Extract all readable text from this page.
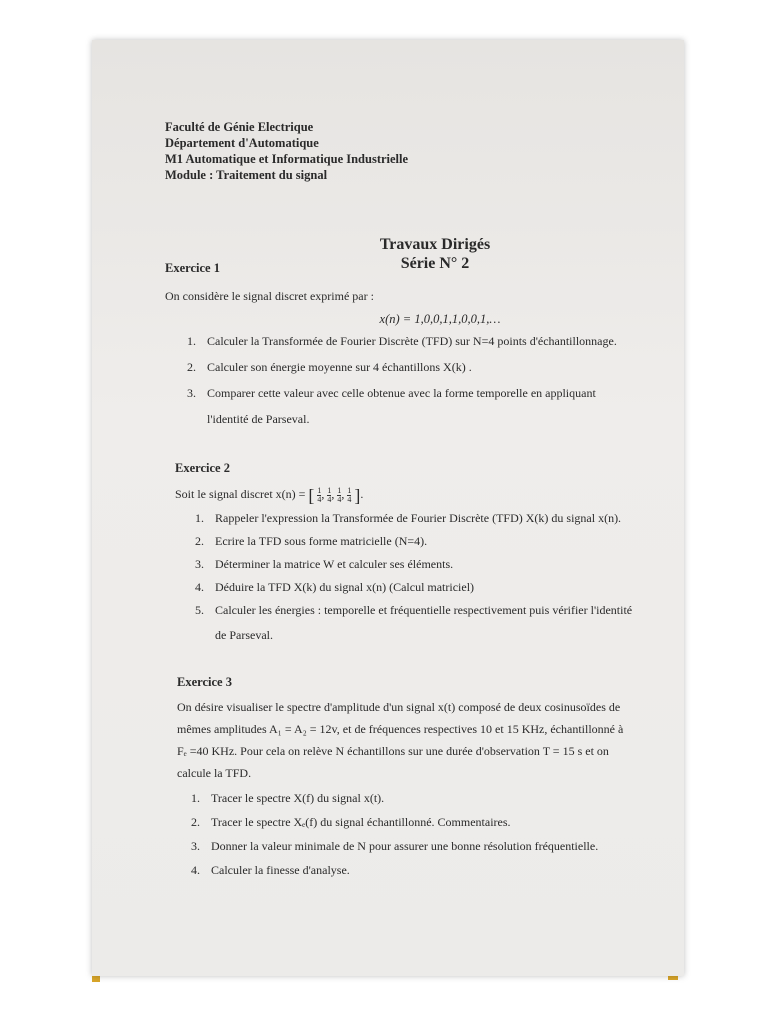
Faculté de Génie Electrique
Département d'Automatique
M1 Automatique et Informatique Industrielle
Module : Traitement du signal
Travaux Dirigés
Série N° 2
Exercice 1
On considère le signal discret exprimé par :
x(n) = 1,0,0,1,1,0,0,1,…
1. Calculer la Transformée de Fourier Discrète (TFD) sur N=4 points d'échantillonnage.
2. Calculer son énergie moyenne sur 4 échantillons X(k) .
3. Comparer cette valeur avec celle obtenue avec la forme temporelle en appliquant
l'identité de Parseval.
Exercice 2
Soit le signal discret x(n) = [ $\frac{1}{4}$ , $\frac{1}{4}$ , $\frac{1}{4}$ , $\frac{1}{4}$ ].
1. Rappeler l'expression la Transformée de Fourier Discrète (TFD) X(k) du signal x(n).
2. Ecrire la TFD sous forme matricielle (N=4).
3. Déterminer la matrice W et calculer ses éléments.
4. Déduire la TFD X(k) du signal x(n) (Calcul matriciel)
5. Calculer les énergies : temporelle et fréquentielle respectivement puis vérifier l'identité
de Parseval.
Exercice 3
On désire visualiser le spectre d'amplitude d'un signal x(t) composé de deux cosinusoïdes de
mêmes amplitudes A₁ = A₂ = 12v, et de fréquences respectives 10 et 15 KHz, échantillonné à
Fₑ =40 KHz. Pour cela on relève N échantillons sur une durée d'observation T = 15 s et on
calcule la TFD.
1. Tracer le spectre X(f) du signal x(t).
2. Tracer le spectre Xₑ(f) du signal échantillonné. Commentaires.
3. Donner la valeur minimale de N pour assurer une bonne résolution fréquentielle.
4. Calculer la finesse d'analyse.
